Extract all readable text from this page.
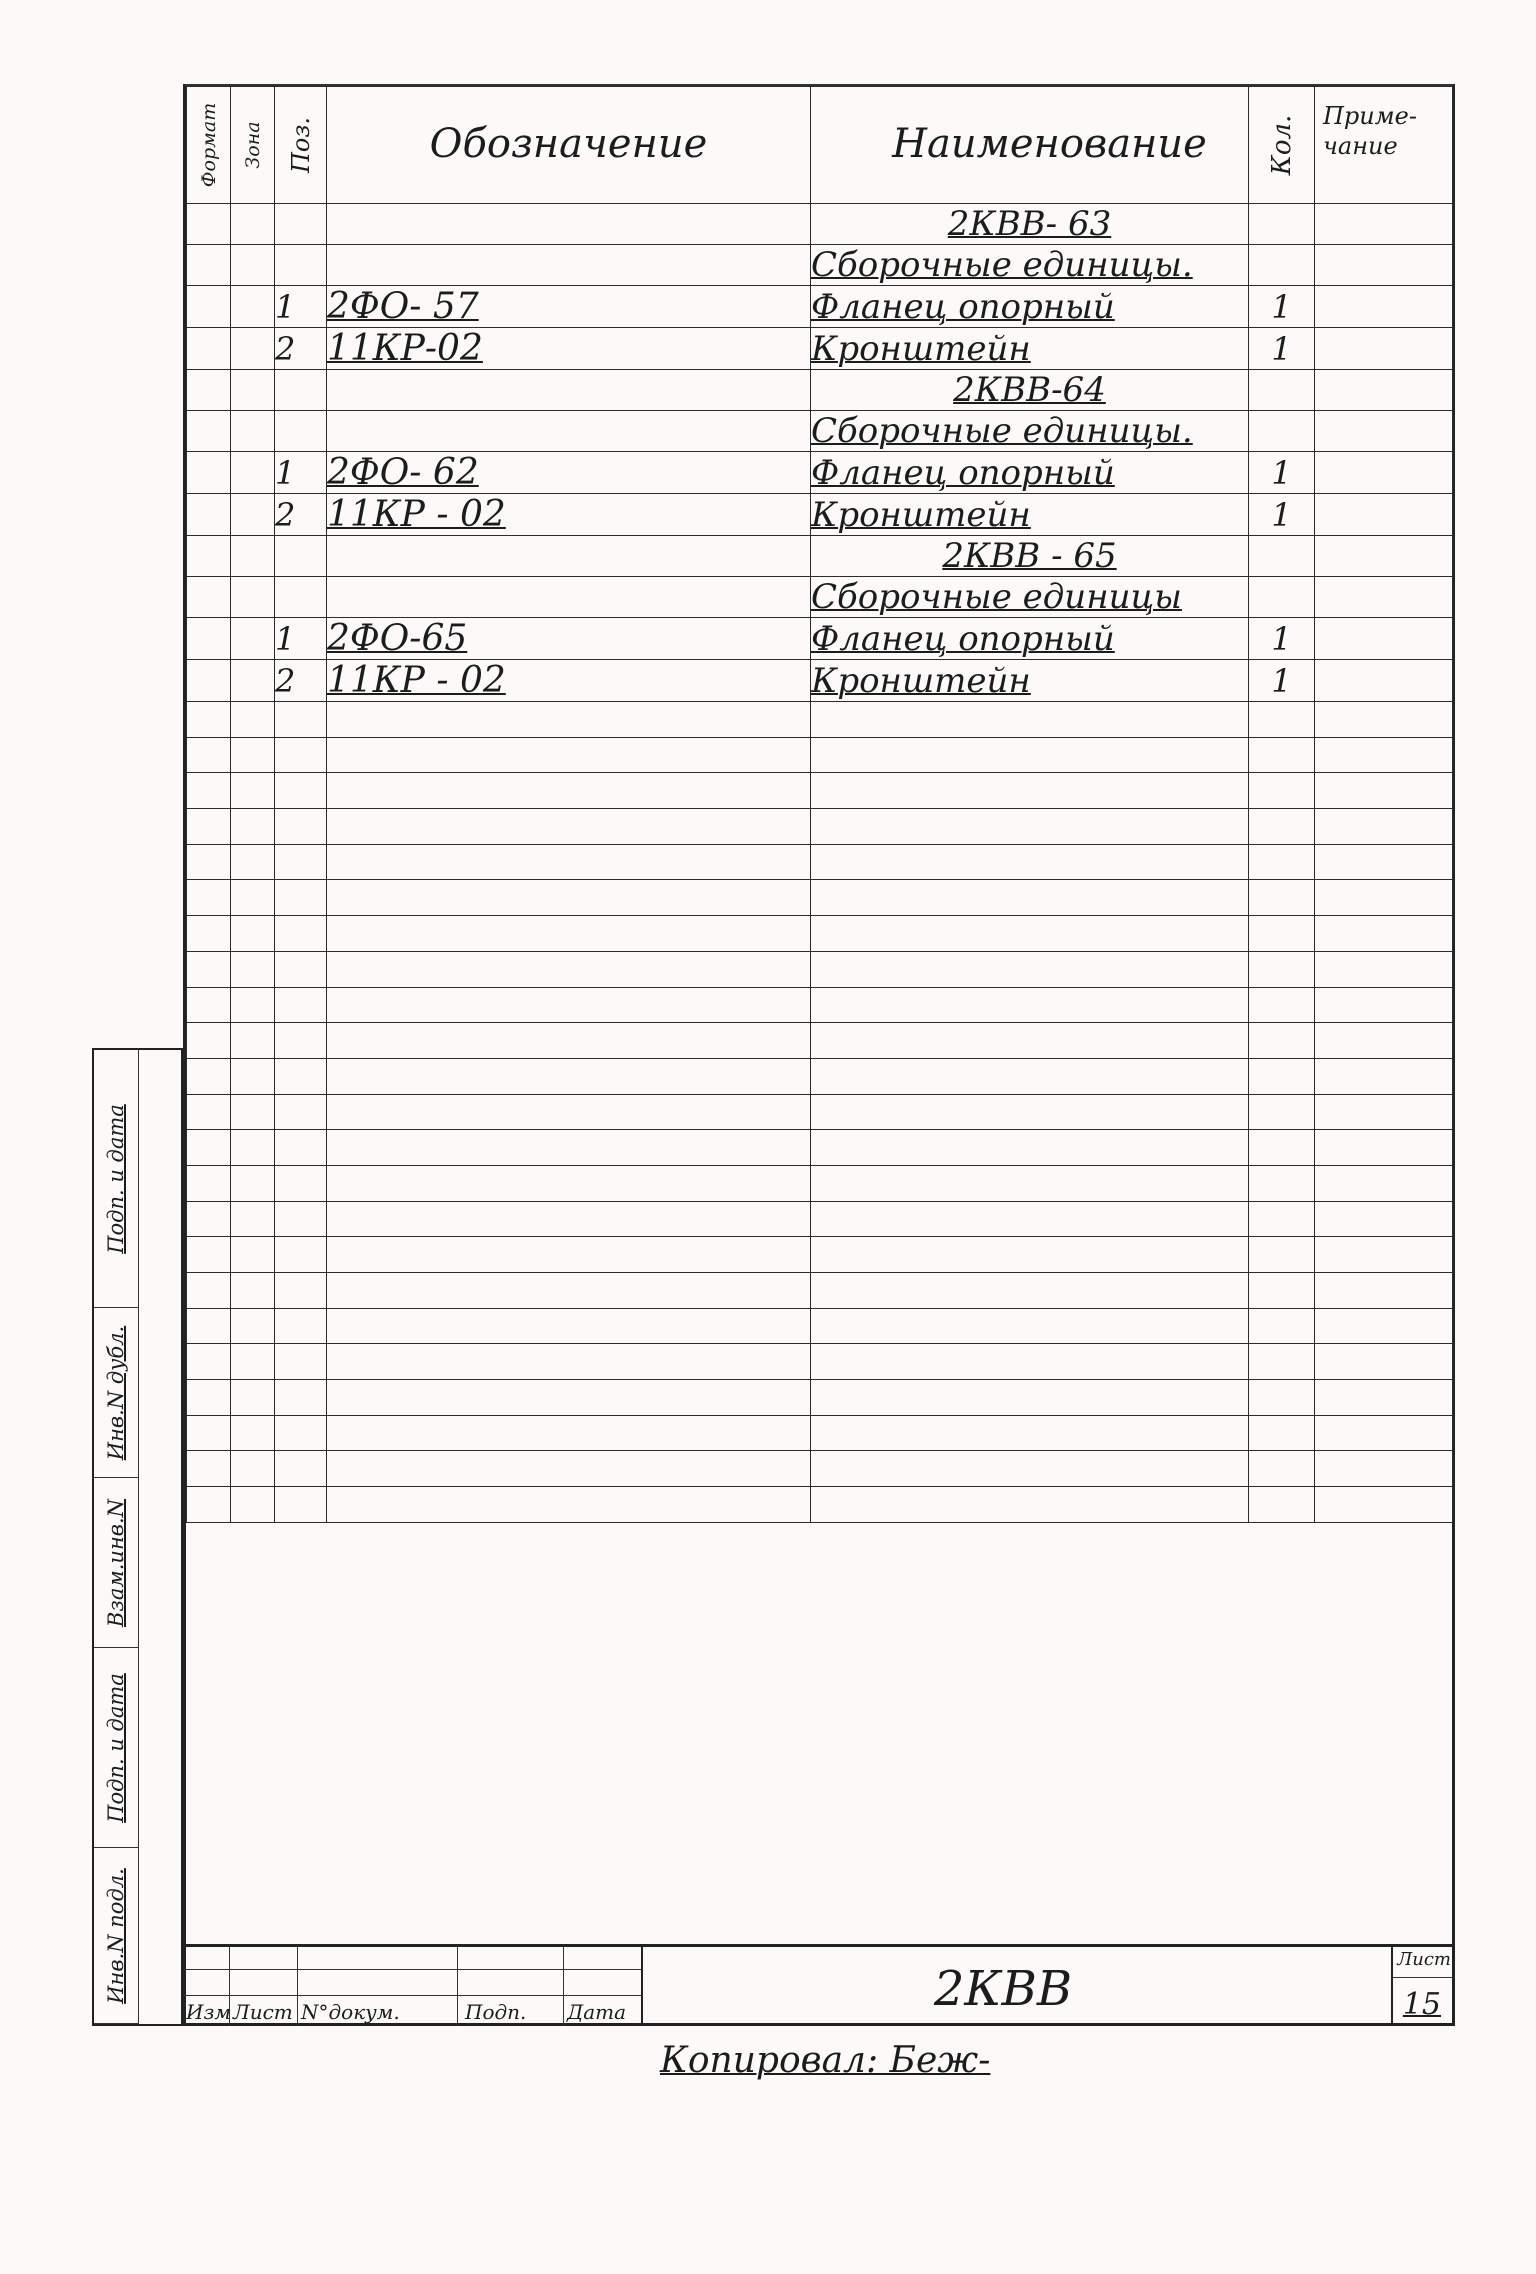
Формат	Зона	Поз.	Обозначение	Наименование	Кол.	Приме-
чание

				2КВВ- 63		
				Сборочные единицы.		
		1	2ФО- 57	Фланец опорный	1	
		2	11КР-02	Кронштейн	1	
				2КВВ-64		
				Сборочные единицы.		
		1	2ФО- 62	Фланец опорный	1	
		2	11КР - 02	Кронштейн	1	
				2КВВ - 65		
				Сборочные единицы		
		1	2ФО-65	Фланец опорный	1	
		2	11КР - 02	Кронштейн	1	

Подп. и дата
Инв.N дубл.
Взам.инв.N
Подп. и дата
Инв.N подл.
Изм Лист N°докум.	Подп. Дата	2КВВ
Лист
15
Копировал: Беж-
